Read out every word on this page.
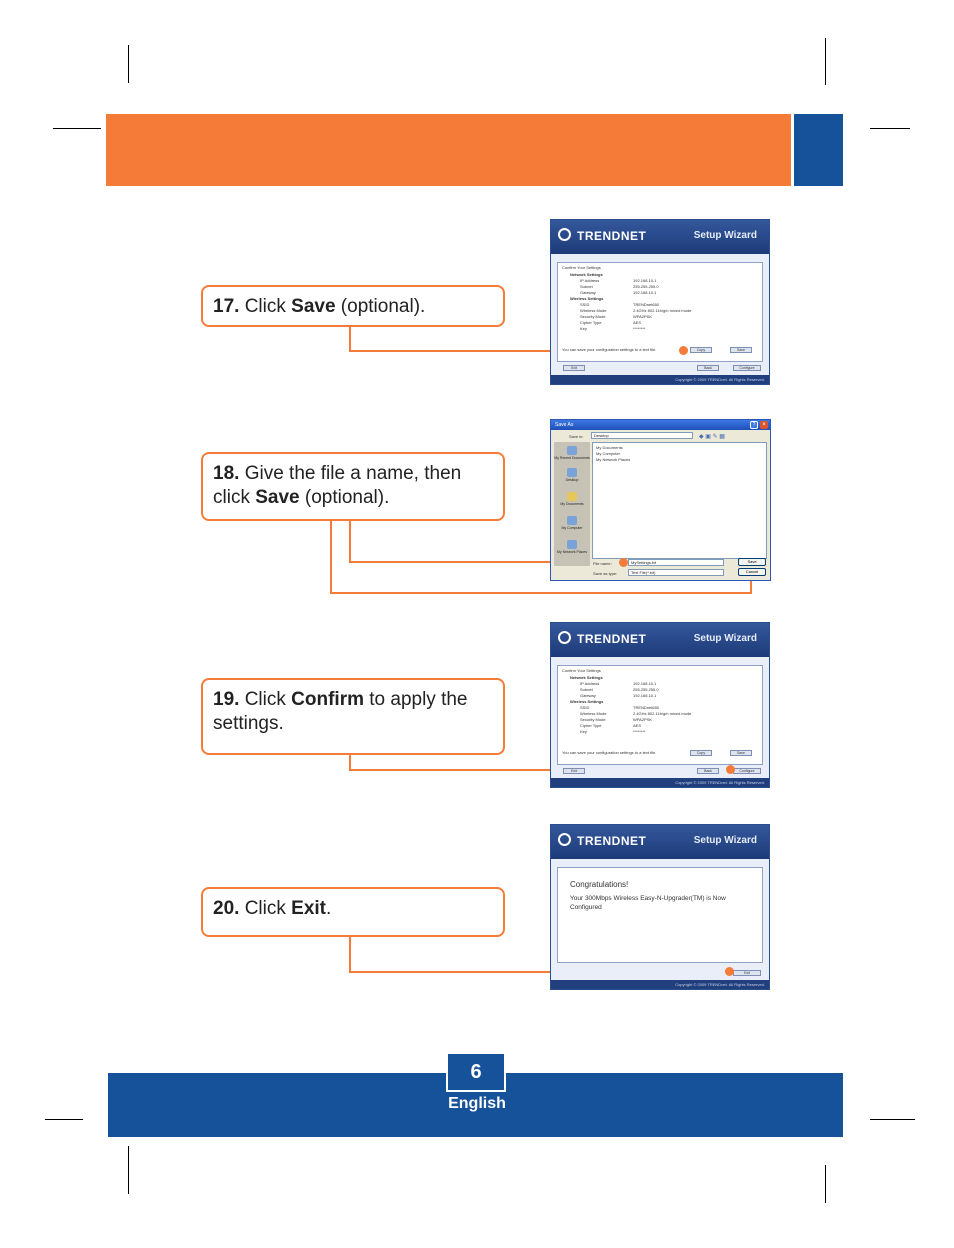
17. Click Save (optional).
TRENDNET	Setup Wizard
Confirm Your Settings
Network Settings
IP Address	192.168.10.1
Subnet	255.255.255.0
Gateway	192.168.10.1
Wireless Settings
SSID	TRENDnet650
Wireless Mode	2.4GHz 802.11b/g/n mixed mode
Security Mode	WPA2PSK
Cipher Type	AES
Key	********
You can save your configuration settings to a text file.	Copy	Save
Exit	Back	Configure
Copyright © 2009 TRENDnet. All Rights Reserved.
18. Give the file a name, then click Save (optional).
Save As	?	×
Save in:	Desktop	◆ ▣ ✎ ▦
My Recent Documents
Desktop
My Documents
My Computer
My Network Places
My Documents
My Computer
My Network Places
File name:	MySettings.txt
Save as type:	Text File(*.txt)
Save
Cancel
19. Click Confirm to apply the settings.
TRENDNET	Setup Wizard
Confirm Your Settings
Network Settings
IP Address	192.168.10.1
Subnet	255.255.255.0
Gateway	192.168.10.1
Wireless Settings
SSID	TRENDnet650
Wireless Mode	2.4GHz 802.11b/g/n mixed mode
Security Mode	WPA2PSK
Cipher Type	AES
Key	********
You can save your configuration settings to a text file.	Copy	Save
Exit	Back	Configure
Copyright © 2009 TRENDnet. All Rights Reserved.
20. Click Exit.
TRENDNET	Setup Wizard
Congratulations!
Your 300Mbps Wireless Easy-N-Upgrader(TM) is Now Configured
Exit
Copyright © 2009 TRENDnet. All Rights Reserved.
6
English
